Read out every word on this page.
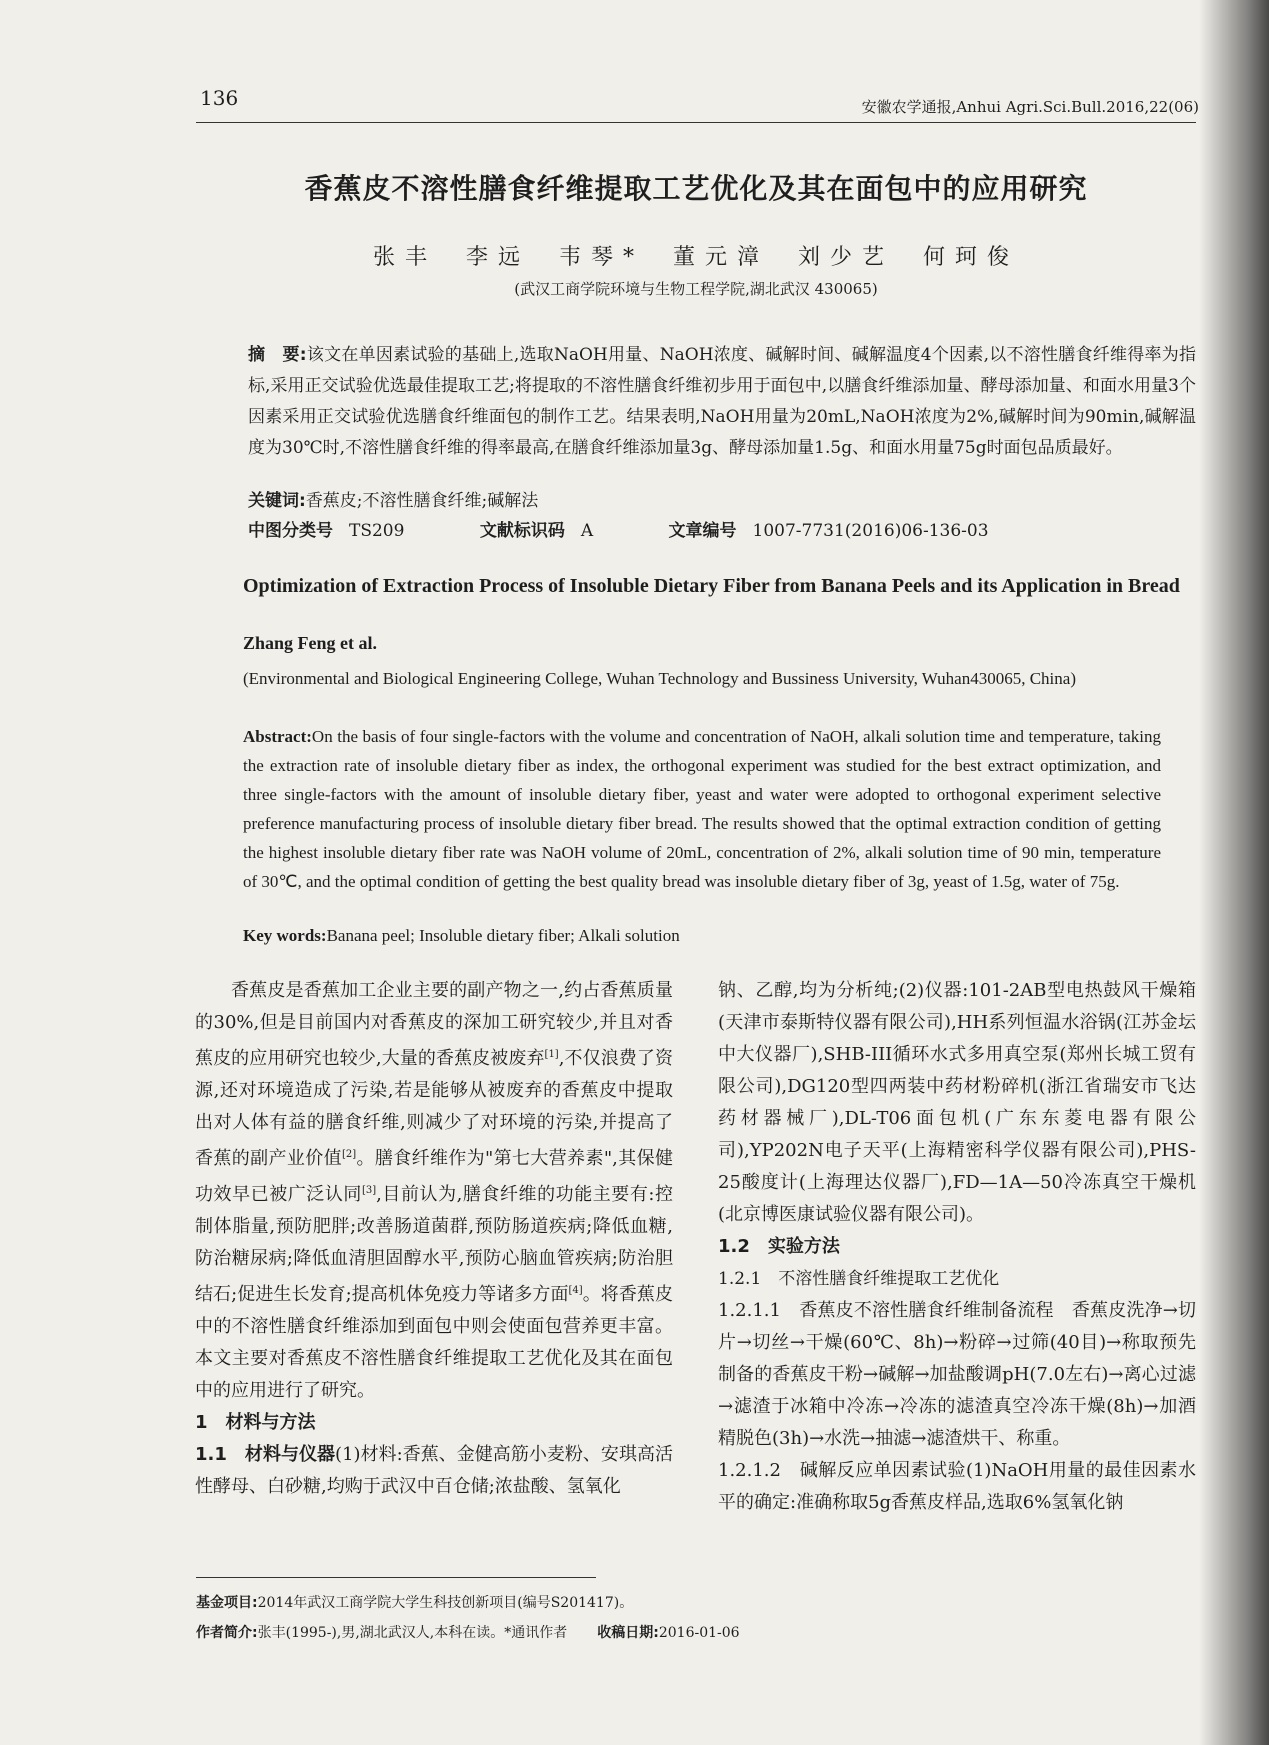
136	安徽农学通报,Anhui Agri.Sci.Bull.2016,22(06)
香蕉皮不溶性膳食纤维提取工艺优化及其在面包中的应用研究
张丰 李远 韦琴* 董元漳 刘少艺 何珂俊
(武汉工商学院环境与生物工程学院,湖北武汉 430065)
摘　要:该文在单因素试验的基础上,选取NaOH用量、NaOH浓度、碱解时间、碱解温度4个因素,以不溶性膳食纤维得率为指标,采用正交试验优选最佳提取工艺;将提取的不溶性膳食纤维初步用于面包中,以膳食纤维添加量、酵母添加量、和面水用量3个因素采用正交试验优选膳食纤维面包的制作工艺。结果表明,NaOH用量为20mL,NaOH浓度为2%,碱解时间为90min,碱解温度为30℃时,不溶性膳食纤维的得率最高,在膳食纤维添加量3g、酵母添加量1.5g、和面水用量75g时面包品质最好。
关键词:香蕉皮;不溶性膳食纤维;碱解法
中图分类号 TS209	文献标识码 A	文章编号 1007-7731(2016)06-136-03
Optimization of Extraction Process of Insoluble Dietary Fiber from Banana Peels and its Application in Bread
Zhang Feng et al.
(Environmental and Biological Engineering College, Wuhan Technology and Bussiness University, Wuhan430065, China)
Abstract:On the basis of four single-factors with the volume and concentration of NaOH, alkali solution time and temperature, taking the extraction rate of insoluble dietary fiber as index, the orthogonal experiment was studied for the best extract optimization, and three single-factors with the amount of insoluble dietary fiber, yeast and water were adopted to orthogonal experiment selective preference manufacturing process of insoluble dietary fiber bread. The results showed that the optimal extraction condition of getting the highest insoluble dietary fiber rate was NaOH volume of 20mL, concentration of 2%, alkali solution time of 90 min, temperature of 30℃, and the optimal condition of getting the best quality bread was insoluble dietary fiber of 3g, yeast of 1.5g, water of 75g.
Key words:Banana peel; Insoluble dietary fiber; Alkali solution

香蕉皮是香蕉加工企业主要的副产物之一,约占香蕉质量的30%,但是目前国内对香蕉皮的深加工研究较少,并且对香蕉皮的应用研究也较少,大量的香蕉皮被废弃[1],不仅浪费了资源,还对环境造成了污染,若是能够从被废弃的香蕉皮中提取出对人体有益的膳食纤维,则减少了对环境的污染,并提高了香蕉的副产业价值[2]。膳食纤维作为"第七大营养素",其保健功效早已被广泛认同[3],目前认为,膳食纤维的功能主要有:控制体脂量,预防肥胖;改善肠道菌群,预防肠道疾病;降低血糖,防治糖尿病;降低血清胆固醇水平,预防心脑血管疾病;防治胆结石;促进生长发育;提高机体免疫力等诸多方面[4]。将香蕉皮中的不溶性膳食纤维添加到面包中则会使面包营养更丰富。本文主要对香蕉皮不溶性膳食纤维提取工艺优化及其在面包中的应用进行了研究。

1　材料与方法

1.1　材料与仪器(1)材料:香蕉、金健高筋小麦粉、安琪高活性酵母、白砂糖,均购于武汉中百仓储;浓盐酸、氢氧化

钠、乙醇,均为分析纯;(2)仪器:101-2AB型电热鼓风干燥箱(天津市泰斯特仪器有限公司),HH系列恒温水浴锅(江苏金坛中大仪器厂),SHB-III循环水式多用真空泵(郑州长城工贸有限公司),DG120型四两装中药材粉碎机(浙江省瑞安市飞达药材器械厂),DL-T06面包机(广东东菱电器有限公司),YP202N电子天平(上海精密科学仪器有限公司),PHS-25酸度计(上海理达仪器厂),FD—1A—50冷冻真空干燥机(北京博医康试验仪器有限公司)。

1.2　实验方法

1.2.1　不溶性膳食纤维提取工艺优化

1.2.1.1　香蕉皮不溶性膳食纤维制备流程　香蕉皮洗净→切片→切丝→干燥(60℃、8h)→粉碎→过筛(40目)→称取预先制备的香蕉皮干粉→碱解→加盐酸调pH(7.0左右)→离心过滤→滤渣于冰箱中冷冻→冷冻的滤渣真空冷冻干燥(8h)→加酒精脱色(3h)→水洗→抽滤→滤渣烘干、称重。

1.2.1.2　碱解反应单因素试验(1)NaOH用量的最佳因素水平的确定:准确称取5g香蕉皮样品,选取6%氢氧化钠

基金项目:2014年武汉工商学院大学生科技创新项目(编号S201417)。
作者简介:张丰(1995-),男,湖北武汉人,本科在读。*通讯作者 收稿日期:2016-01-06
